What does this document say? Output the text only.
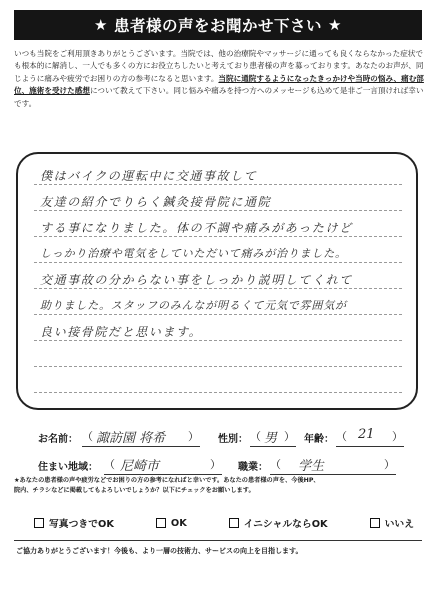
★ 患者様の声をお聞かせ下さい ★
いつも当院をご利用頂きありがとうございます。当院では、他の治療院やマッサージに通っても良くならなかった症状でも根本的に解消し、一人でも多くの方にお役立ちしたいと考えており患者様の声を募っております。あなたのお声が、同じように痛みや疲労でお困りの方の参考になると思います。当院に通院するようになったきっかけや当時の悩み、痛む部位、施術を受けた感想について教えて下さい。同じ悩みや痛みを持つ方へのメッセージも込めて是非ご一言頂ければ幸いです。
僕はバイクの運転中に交通事故して
友達の紹介でりらく鍼灸接骨院に通院
する事になりました。体の不調や痛みがあったけど
しっかり治療や電気をしていただいて痛みが治りました。
交通事故の分からない事をしっかり説明してくれて
助りました。スタッフのみんなが明るくて元気で雰囲気が
良い接骨院だと思います。
お名前： （ 諏訪園 将希 ） 性別： （ 男 ） 年齢： （ 21 ）
住まい地域： （ 尼崎市	） 職業： （ 学生	）
★あなたの患者様の声や疲労などでお困りの方の参考になればと幸いです。あなたの患者様の声を、今後HP、
院内、チラシなどに掲載してもよろしいでしょうか？以下にチェックをお願いします。
写真つきでOK	OK	イニシャルならOK	いいえ
ご協力ありがとうございます！今後も、より一層の技術力、サービスの向上を目指します。
